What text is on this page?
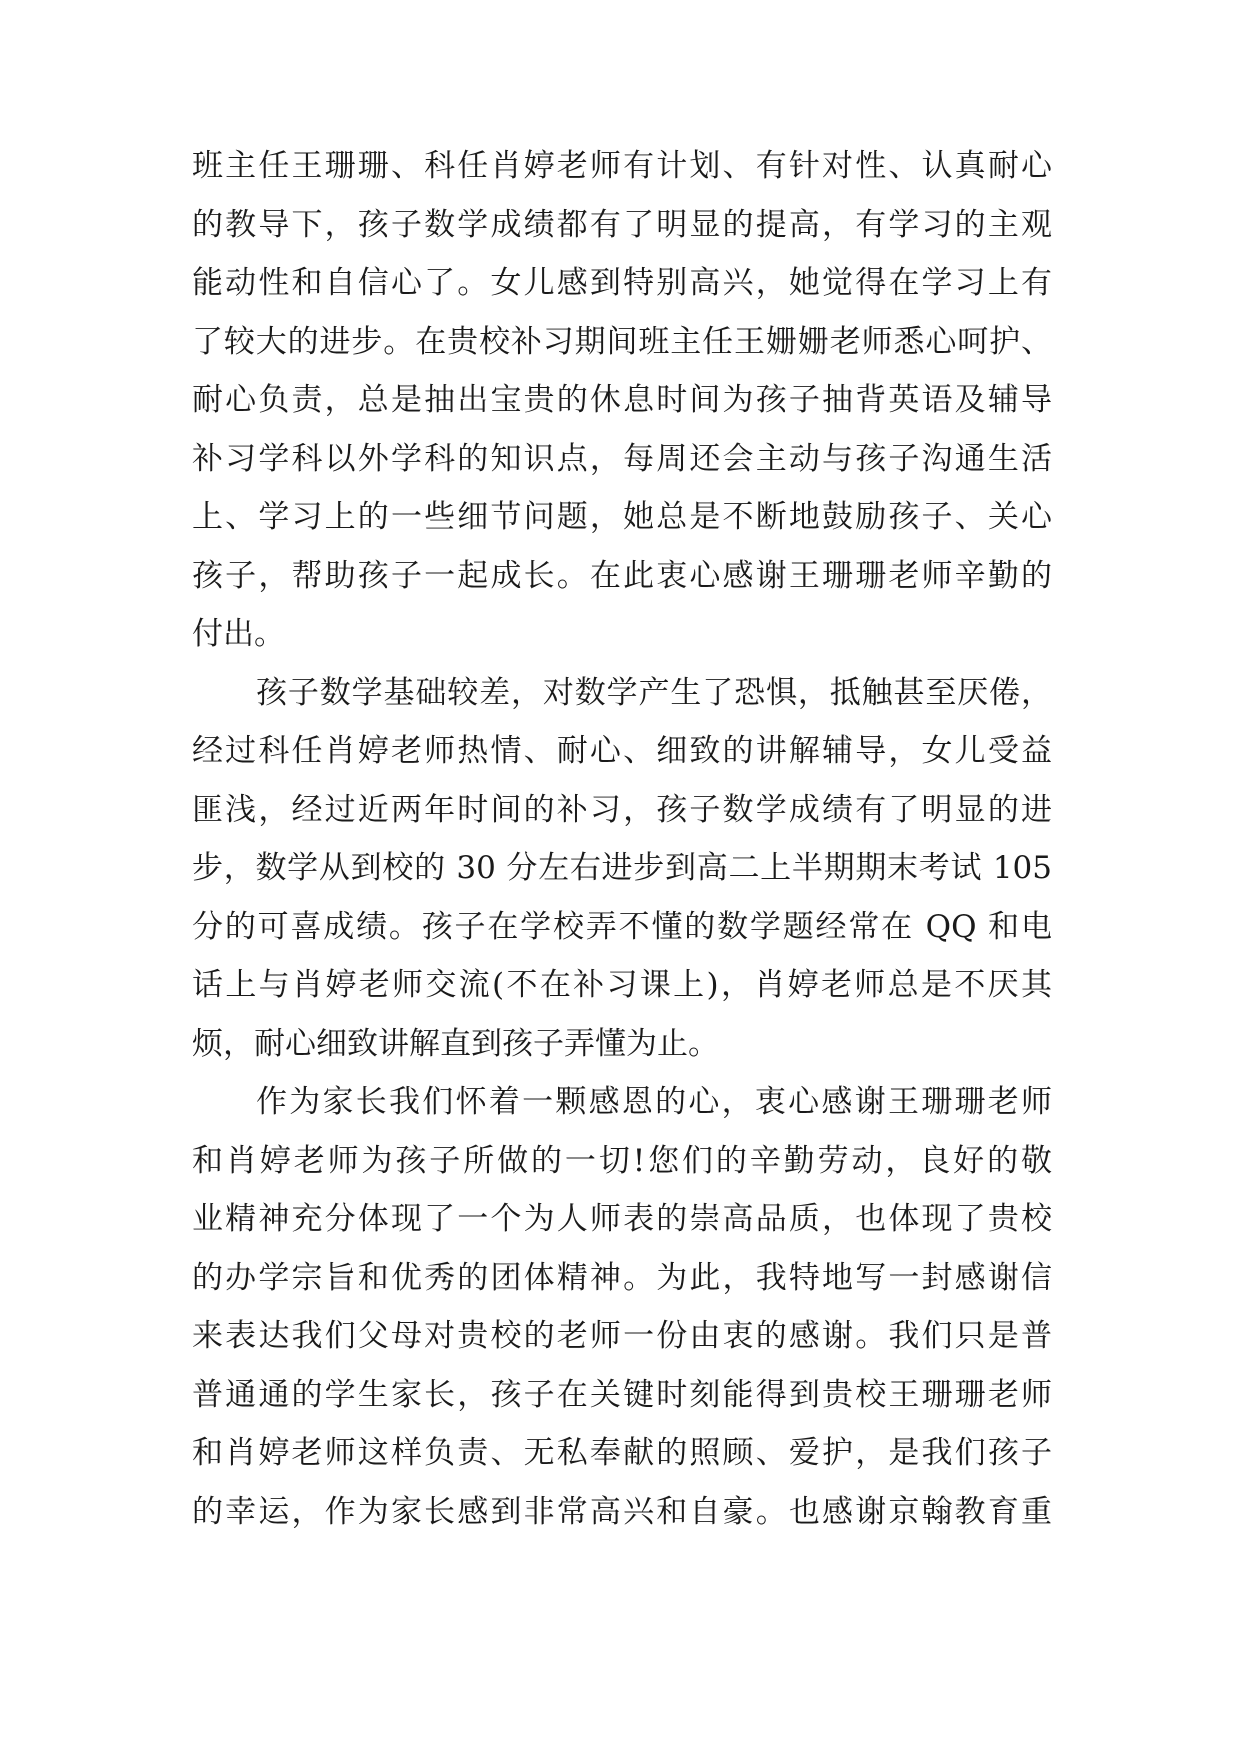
班主任王珊珊、科任肖婷老师有计划、有针对性、认真耐心
的教导下，孩子数学成绩都有了明显的提高，有学习的主观
能动性和自信心了。女儿感到特别高兴，她觉得在学习上有
了较大的进步。在贵校补习期间班主任王姗姗老师悉心呵护、
耐心负责，总是抽出宝贵的休息时间为孩子抽背英语及辅导
补习学科以外学科的知识点，每周还会主动与孩子沟通生活
上、学习上的一些细节问题，她总是不断地鼓励孩子、关心
孩子，帮助孩子一起成长。在此衷心感谢王珊珊老师辛勤的
付出。
孩子数学基础较差，对数学产生了恐惧，抵触甚至厌倦，
经过科任肖婷老师热情、耐心、细致的讲解辅导，女儿受益
匪浅，经过近两年时间的补习，孩子数学成绩有了明显的进
步，数学从到校的 30 分左右进步到高二上半期期末考试 105
分的可喜成绩。孩子在学校弄不懂的数学题经常在 QQ 和电
话上与肖婷老师交流(不在补习课上)，肖婷老师总是不厌其
烦，耐心细致讲解直到孩子弄懂为止。
作为家长我们怀着一颗感恩的心，衷心感谢王珊珊老师
和肖婷老师为孩子所做的一切!您们的辛勤劳动，良好的敬
业精神充分体现了一个为人师表的崇高品质，也体现了贵校
的办学宗旨和优秀的团体精神。为此，我特地写一封感谢信
来表达我们父母对贵校的老师一份由衷的感谢。我们只是普
普通通的学生家长，孩子在关键时刻能得到贵校王珊珊老师
和肖婷老师这样负责、无私奉献的照顾、爱护，是我们孩子
的幸运，作为家长感到非常高兴和自豪。也感谢京翰教育重
